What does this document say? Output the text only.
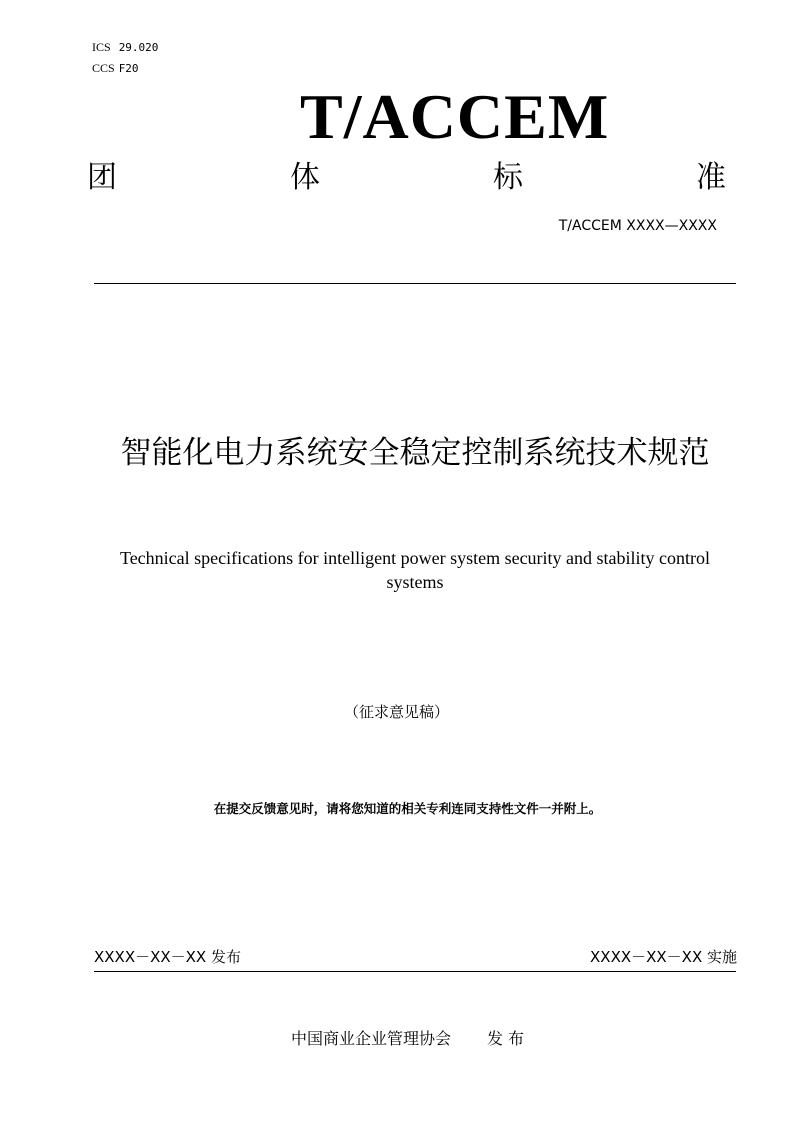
ICS 29.020
CCS F20
T/ACCEM
团	体	标	准
T/ACCEM XXXX—XXXX
智能化电力系统安全稳定控制系统技术规范
Technical specifications for intelligent power system security and stability control systems
（征求意见稿）
在提交反馈意见时，请将您知道的相关专利连同支持性文件一并附上。
XXXX－XX－XX 发布	XXXX－XX－XX 实施
中国商业企业管理协会 发 布
